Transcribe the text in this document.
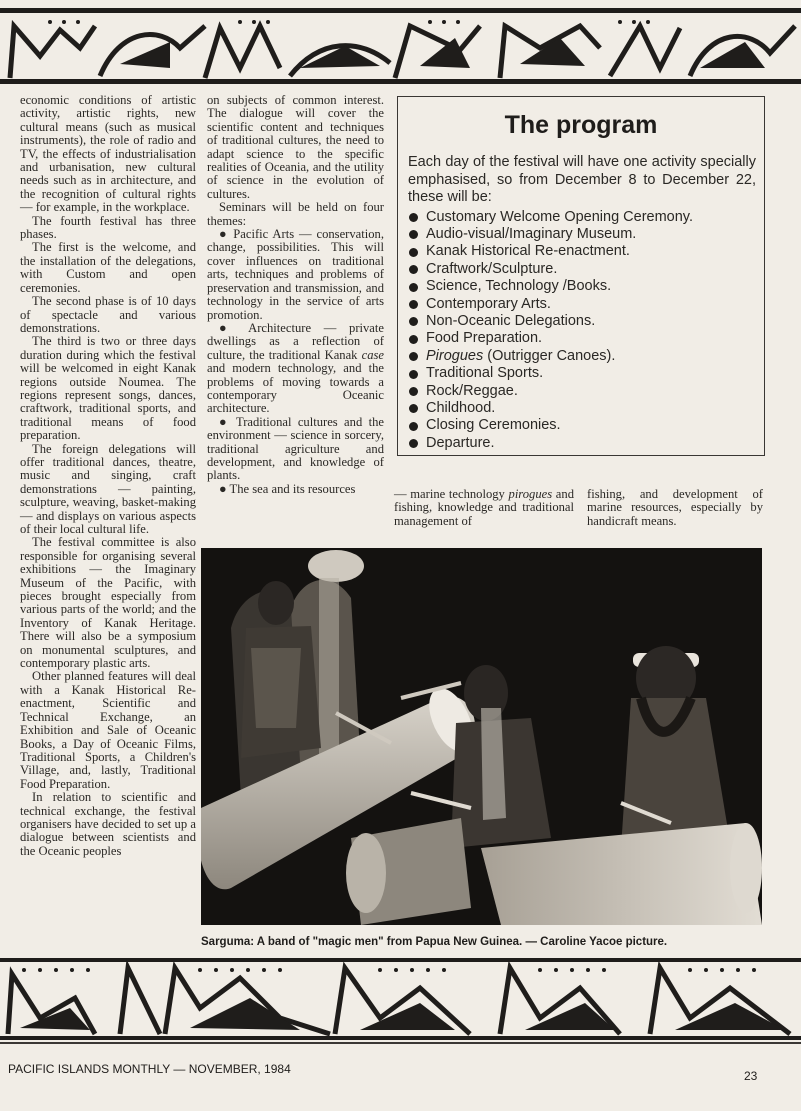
economic conditions of artistic activity, artistic rights, new cultural means (such as musical instruments), the role of radio and TV, the effects of industrialisation and urbanisation, new cultural needs such as in architecture, and the recognition of cultural rights — for example, in the workplace.

The fourth festival has three phases.

The first is the welcome, and the installation of the delegations, with Custom and open ceremonies.

The second phase is of 10 days of spectacle and various demonstrations.

The third is two or three days duration during which the festival will be welcomed in eight Kanak regions outside Noumea. The regions represent songs, dances, craftwork, traditional sports, and traditional means of food preparation.

The foreign delegations will offer traditional dances, theatre, music and singing, craft demonstrations — painting, sculpture, weaving, basket-making — and displays on various aspects of their local cultural life.

The festival committee is also responsible for organising several exhibitions — the Imaginary Museum of the Pacific, with pieces brought especially from various parts of the world; and the Inventory of Kanak Heritage. There will also be a symposium on monumental sculptures, and contemporary plastic arts.

Other planned features will deal with a Kanak Historical Re-enactment, Scientific and Technical Exchange, an Exhibition and Sale of Oceanic Books, a Day of Oceanic Films, Traditional Sports, a Children's Village, and, lastly, Traditional Food Preparation.

In relation to scientific and technical exchange, the festival organisers have decided to set up a dialogue between scientists and the Oceanic peoples

on subjects of common interest. The dialogue will cover the scientific content and techniques of traditional cultures, the need to adapt science to the specific realities of Oceania, and the utility of science in the evolution of cultures.

Seminars will be held on four themes:

● Pacific Arts — conservation, change, possibilities. This will cover influences on traditional arts, techniques and problems of preservation and transmission, and technology in the service of arts promotion.

● Architecture — private dwellings as a reflection of culture, the traditional Kanak case and modern technology, and the problems of moving towards a contemporary Oceanic architecture.

● Traditional cultures and the environment — science in sorcery, traditional agriculture and development, and knowledge of plants.

● The sea and its resources

The program
Each day of the festival will have one activity specially emphasised, so from December 8 to December 22, these will be:
Customary Welcome Opening Ceremony.
Audio-visual/Imaginary Museum.
Kanak Historical Re-enactment.
Craftwork/Sculpture.
Science, Technology /Books.
Contemporary Arts.
Non-Oceanic Delegations.
Food Preparation.
Pirogues (Outrigger Canoes).
Traditional Sports.
Rock/Reggae.
Childhood.
Closing Ceremonies.
Departure.
— marine technology pirogues and fishing, knowledge and traditional management of
fishing, and development of marine resources, especially by handicraft means.
Sarguma: A band of "magic men" from Papua New Guinea. — Caroline Yacoe picture.
PACIFIC ISLANDS MONTHLY — NOVEMBER, 1984	23
